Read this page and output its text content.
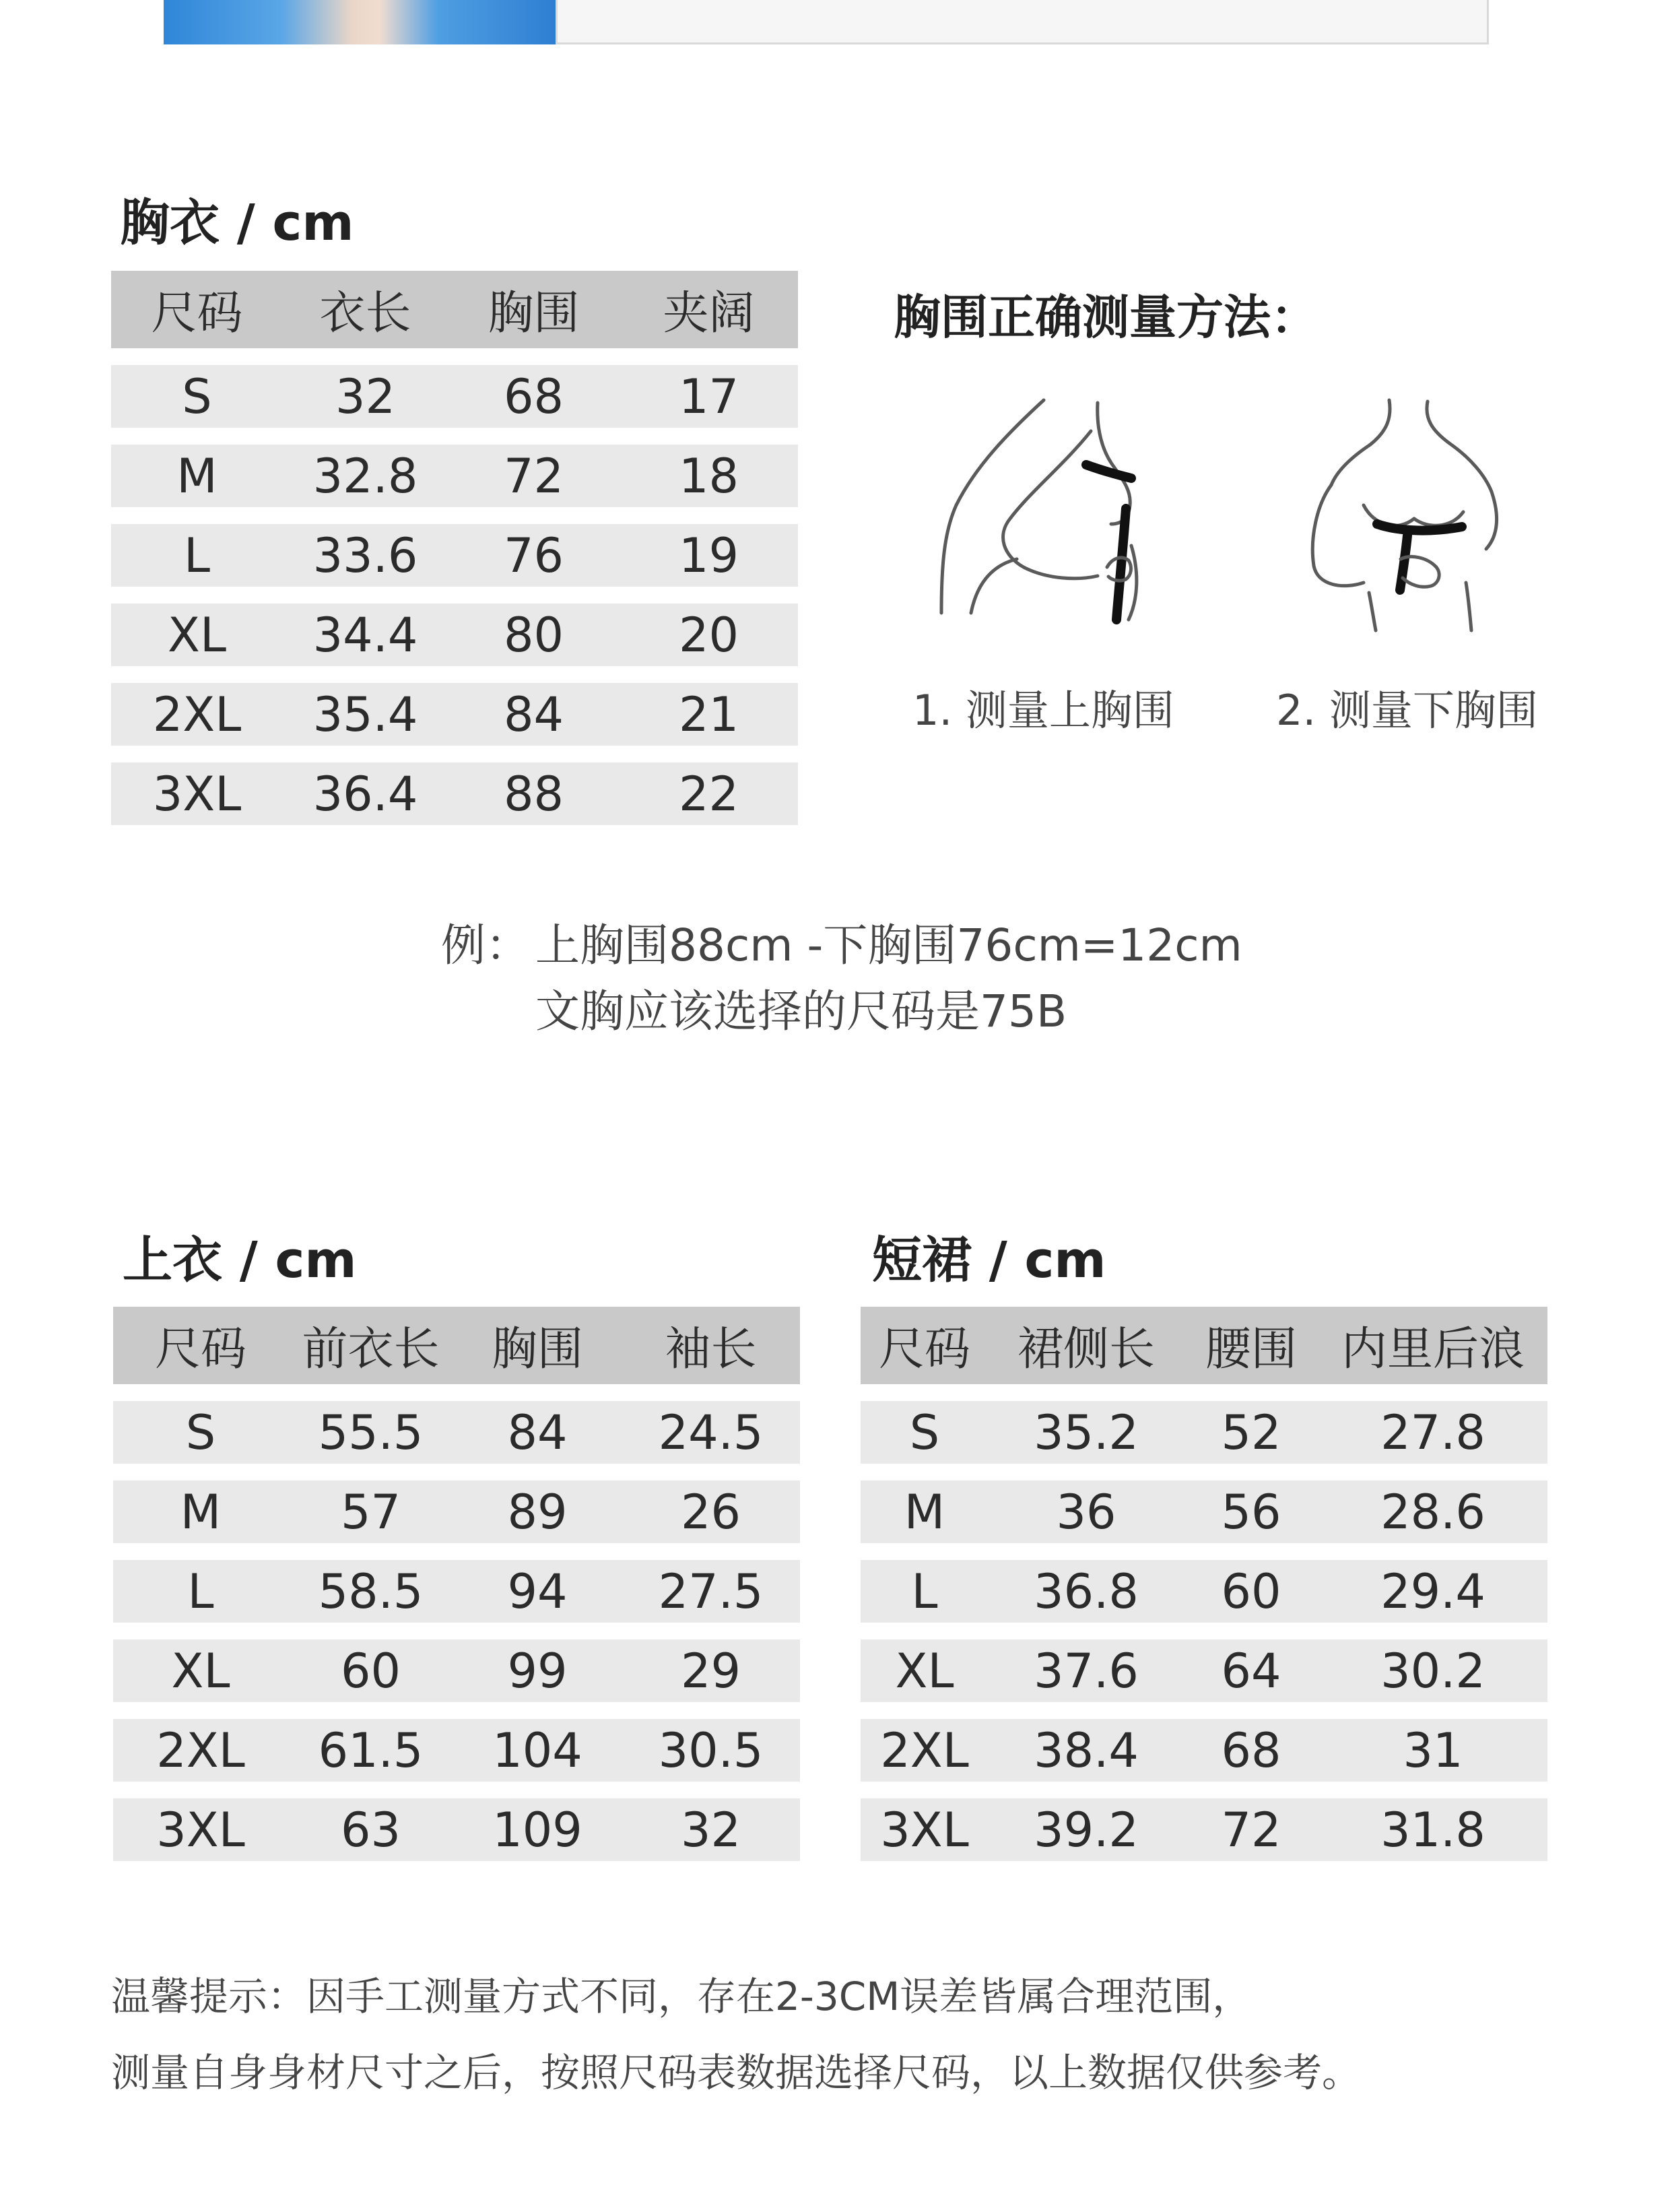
胸衣 / cm
尺码	衣长	胸围	夹阔
S	32	68	17
M	32.8	72	18
L	33.6	76	19
XL	34.4	80	20
2XL	35.4	84	21
3XL	36.4	88	22
胸围正确测量方法：
1. 测量上胸围 2. 测量下胸围
例： 上胸围88cm -下胸围76cm=12cm
文胸应该选择的尺码是75B
上衣 / cm
尺码	前衣长	胸围	袖长
S	55.5	84	24.5
M	57	89	26
L	58.5	94	27.5
XL	60	99	29
2XL	61.5	104	30.5
3XL	63	109	32
短裙 / cm
尺码	裙侧长	腰围	内里后浪
S	35.2	52	27.8
M	36	56	28.6
L	36.8	60	29.4
XL	37.6	64	30.2
2XL	38.4	68	31
3XL	39.2	72	31.8
温馨提示：因手工测量方式不同，存在2-3CM误差皆属合理范围，
测量自身身材尺寸之后，按照尺码表数据选择尺码，以上数据仅供参考。
